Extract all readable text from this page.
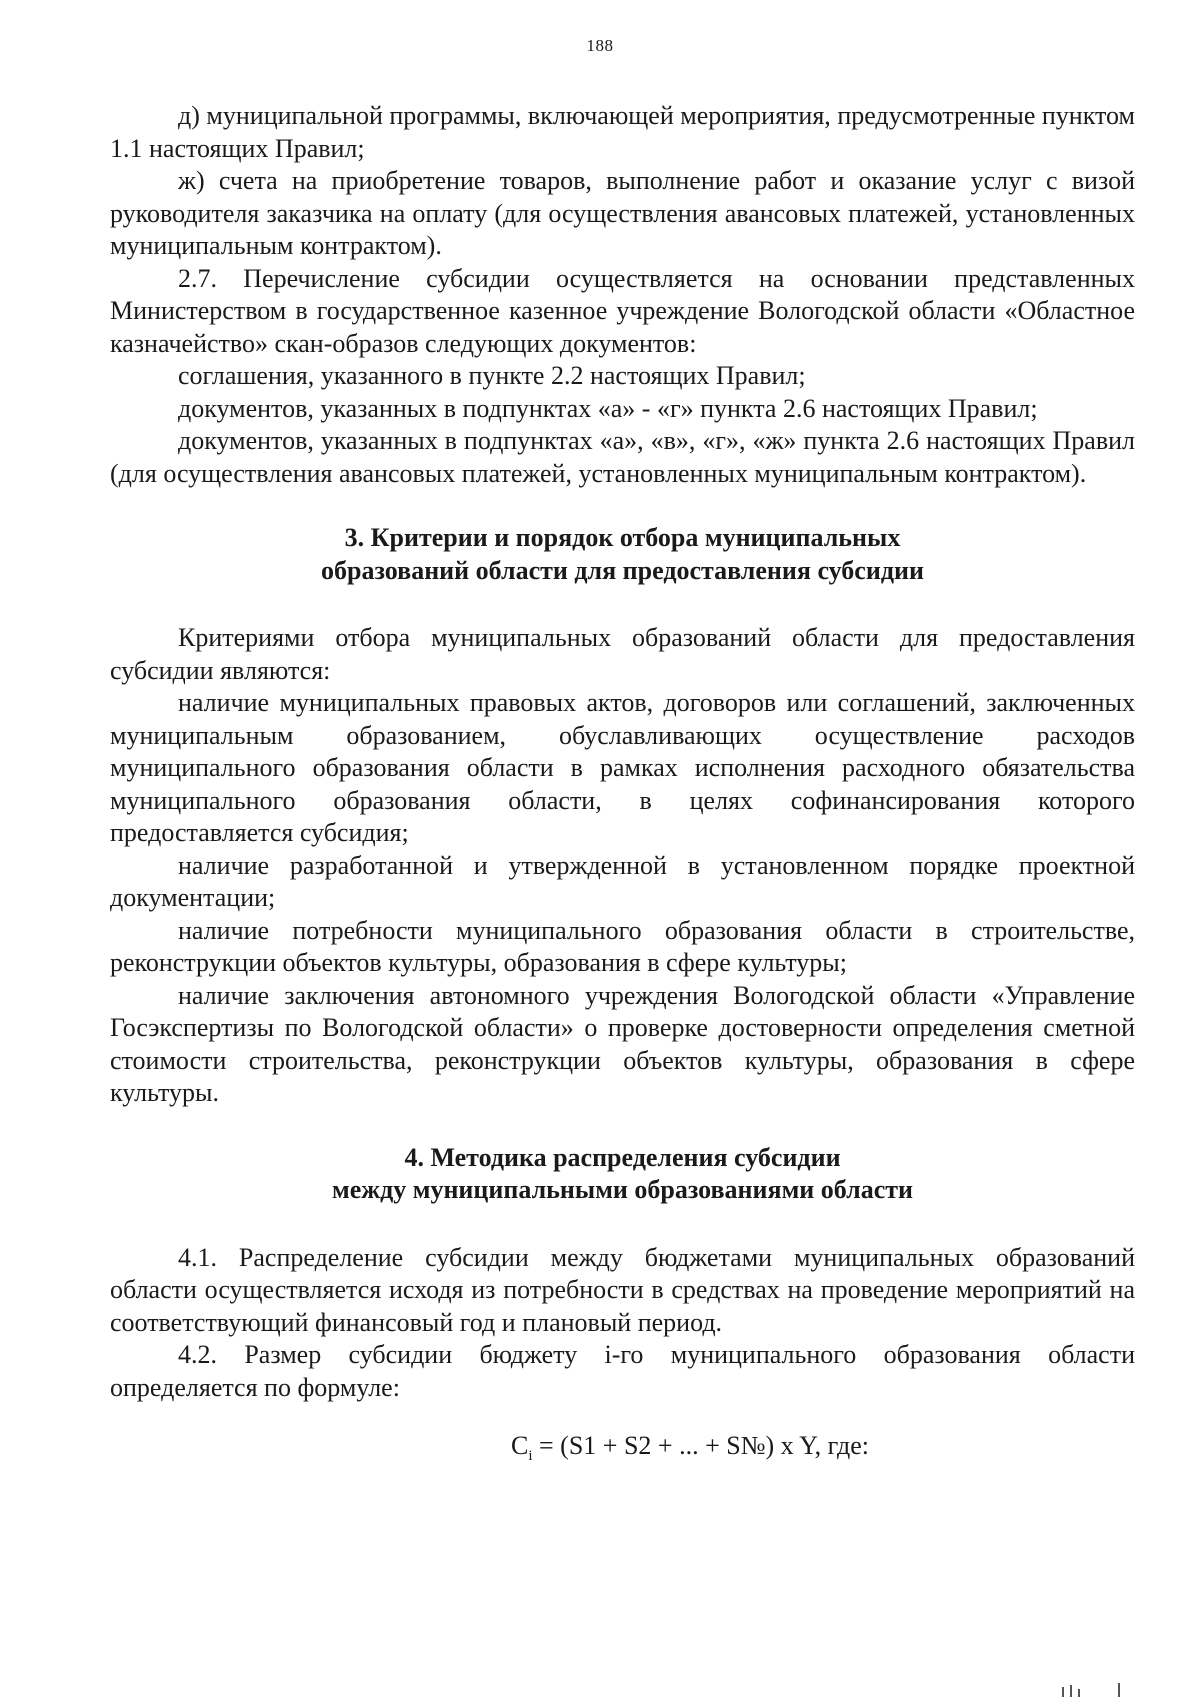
188

д) муниципальной программы, включающей мероприятия, предусмотренные пунктом 1.1 настоящих Правил;

ж) счета на приобретение товаров, выполнение работ и оказание услуг с визой руководителя заказчика на оплату (для осуществления авансовых платежей, установленных муниципальным контрактом).

2.7. Перечисление субсидии осуществляется на основании представленных Министерством в государственное казенное учреждение Вологодской области «Областное казначейство» скан-образов следующих документов:

соглашения, указанного в пункте 2.2 настоящих Правил;

документов, указанных в подпунктах «а» - «г» пункта 2.6 настоящих Правил;

документов, указанных в подпунктах «а», «в», «г», «ж» пункта 2.6 настоящих Правил (для осуществления авансовых платежей, установленных муниципальным контрактом).

3. Критерии и порядок отбора муниципальных
образований области для предоставления субсидии

Критериями отбора муниципальных образований области для предоставления субсидии являются:

наличие муниципальных правовых актов, договоров или соглашений, заключенных муниципальным образованием, обуславливающих осуществление расходов муниципального образования области в рамках исполнения расходного обязательства муниципального образования области, в целях софинансирования которого предоставляется субсидия;

наличие разработанной и утвержденной в установленном порядке проектной документации;

наличие потребности муниципального образования области в строительстве, реконструкции объектов культуры, образования в сфере культуры;

наличие заключения автономного учреждения Вологодской области «Управление Госэкспертизы по Вологодской области» о проверке достоверности определения сметной стоимости строительства, реконструкции объектов культуры, образования в сфере культуры.

4. Методика распределения субсидии
между муниципальными образованиями области

4.1. Распределение субсидии между бюджетами муниципальных образований области осуществляется исходя из потребности в средствах на проведение мероприятий на соответствующий финансовый год и плановый период.

4.2. Размер субсидии бюджету i-го муниципального образования области определяется по формуле:

$C_i = (S1 + S2$ + ... + S№) x Y, где:
